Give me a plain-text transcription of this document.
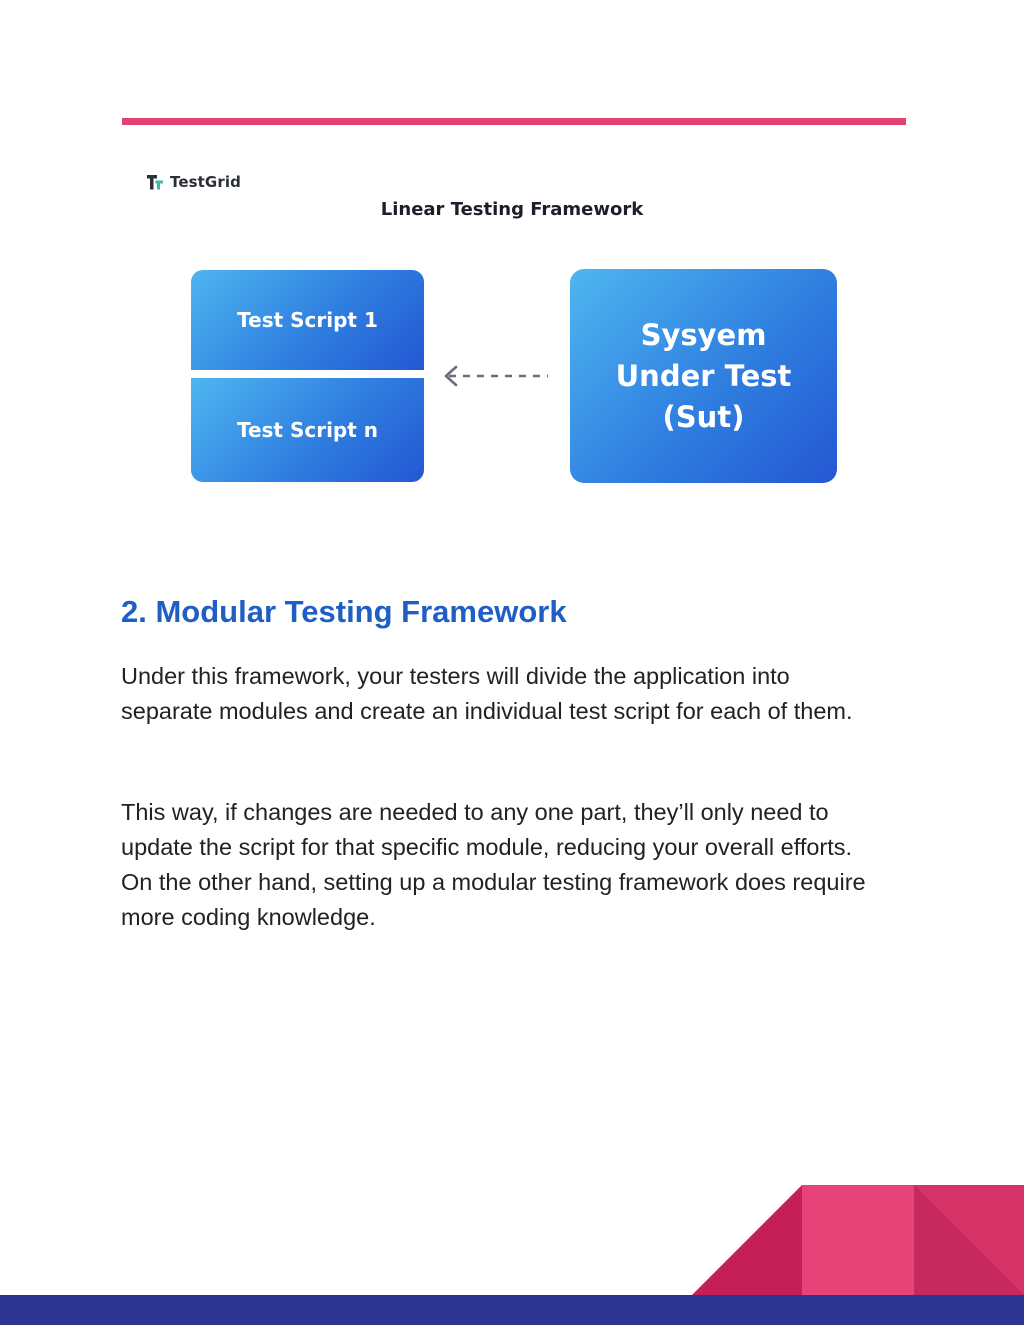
TestGrid
Linear Testing Framework
Test Script 1
Test Script n
Sysyem Under Test (Sut)
2. Modular Testing Framework

Under this framework, your testers will divide the application into separate modules and create an individual test script for each of them.

This way, if changes are needed to any one part, they’ll only need to update the script for that specific module, reducing your overall efforts. On the other hand, setting up a modular testing framework does require more coding knowledge.
